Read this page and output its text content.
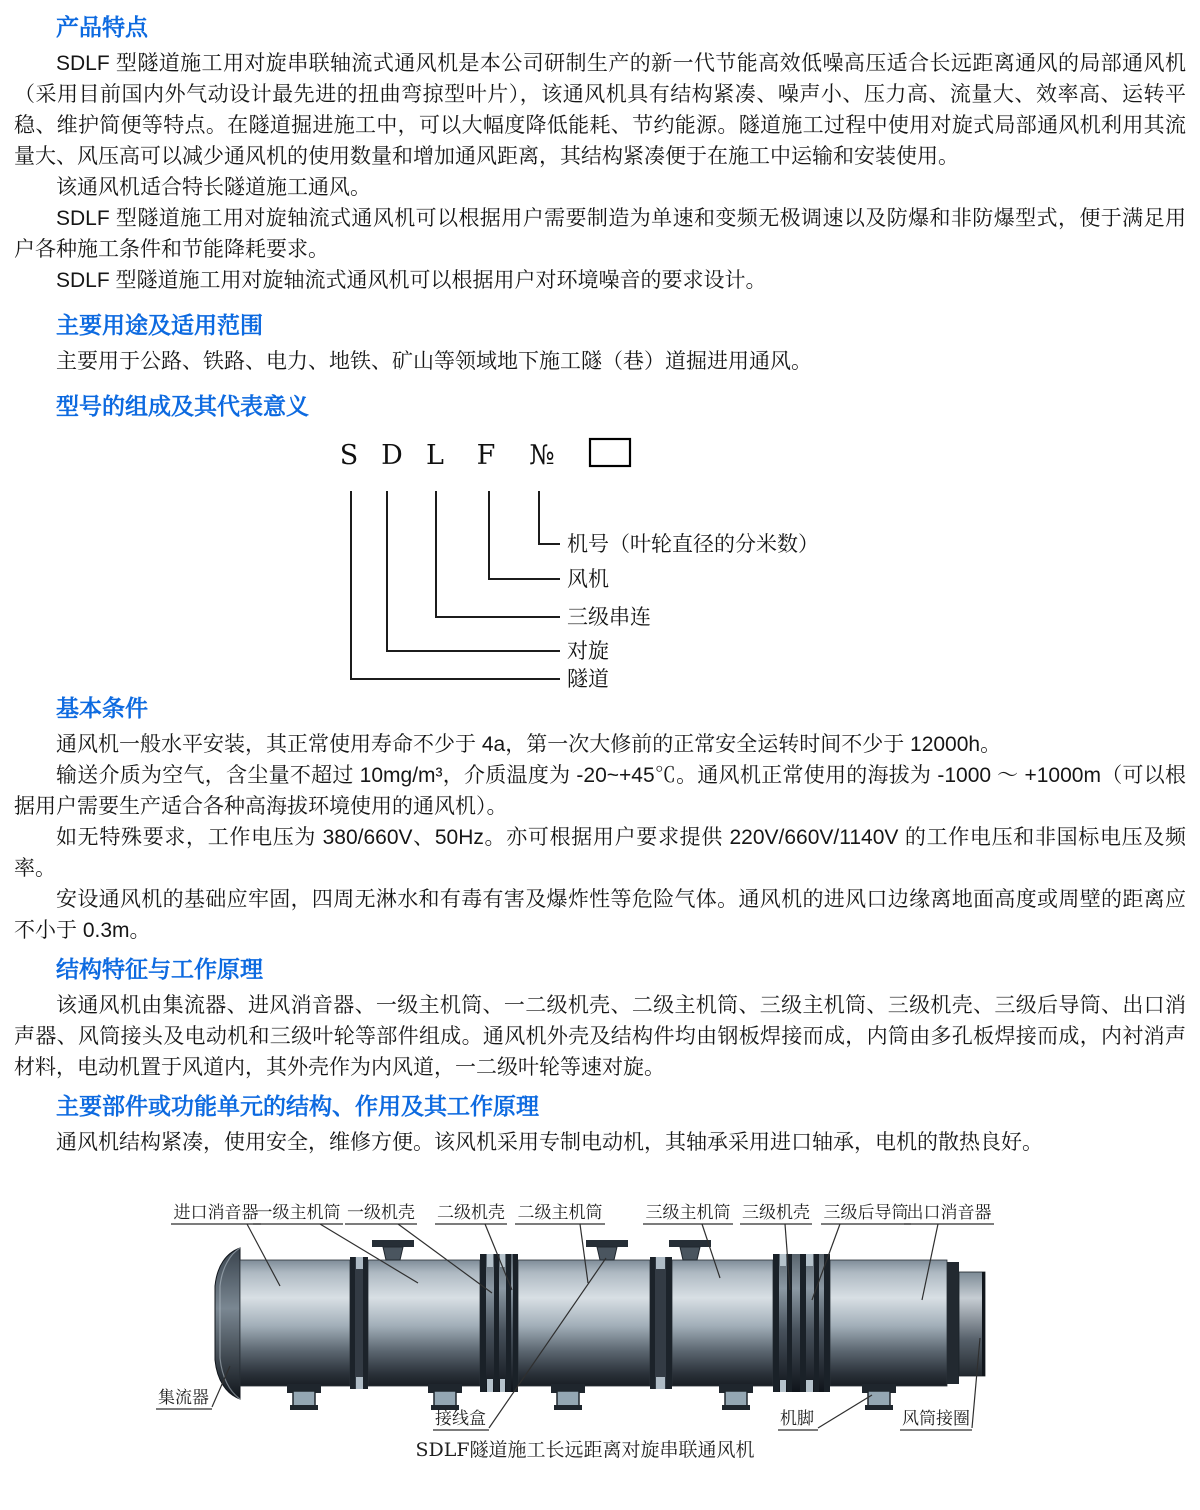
产品特点

SDLF 型隧道施工用对旋串联轴流式通风机是本公司研制生产的新一代节能高效低噪高压适合长远距离通风的局部通风机（采用目前国内外气动设计最先进的扭曲弯掠型叶片），该通风机具有结构紧凑、噪声小、压力高、流量大、效率高、运转平稳、维护简便等特点。在隧道掘进施工中，可以大幅度降低能耗、节约能源。隧道施工过程中使用对旋式局部通风机利用其流量大、风压高可以减少通风机的使用数量和增加通风距离，其结构紧凑便于在施工中运输和安装使用。

该通风机适合特长隧道施工通风。

SDLF 型隧道施工用对旋轴流式通风机可以根据用户需要制造为单速和变频无极调速以及防爆和非防爆型式，便于满足用户各种施工条件和节能降耗要求。

SDLF 型隧道施工用对旋轴流式通风机可以根据用户对环境噪音的要求设计。

主要用途及适用范围

主要用于公路、铁路、电力、地铁、矿山等领域地下施工隧（巷）道掘进用通风。

型号的组成及其代表意义
S D L F №
机号（叶轮直径的分米数）
风机
三级串连
对旋
隧道
基本条件

通风机一般水平安装，其正常使用寿命不少于 4a，第一次大修前的正常安全运转时间不少于 12000h。

输送介质为空气，含尘量不超过 10mg/m³，介质温度为 -20~+45℃。通风机正常使用的海拔为 -1000 ～ +1000m（可以根据用户需要生产适合各种高海拔环境使用的通风机）。

如无特殊要求，工作电压为 380/660V、50Hz。亦可根据用户要求提供 220V/660V/1140V 的工作电压和非国标电压及频率。

安设通风机的基础应牢固，四周无淋水和有毒有害及爆炸性等危险气体。通风机的进风口边缘离地面高度或周壁的距离应不小于 0.3m。

结构特征与工作原理

该通风机由集流器、进风消音器、一级主机筒、一二级机壳、二级主机筒、三级主机筒、三级机壳、三级后导筒、出口消声器、风筒接头及电动机和三级叶轮等部件组成。通风机外壳及结构件均由钢板焊接而成，内筒由多孔板焊接而成，内衬消声材料，电动机置于风道内，其外壳作为内风道，一二级叶轮等速对旋。

主要部件或功能单元的结构、作用及其工作原理

通风机结构紧凑，使用安全，维修方便。该风机采用专制电动机，其轴承采用进口轴承，电机的散热良好。

进口消音器
一级主机筒 一级机壳 二级机壳 二级主机筒	三级主机筒 三级机壳 三级后导筒
出口消音器
集流器
接线盒	机脚	风筒接圈
SDLF隧道施工长远距离对旋串联通风机
